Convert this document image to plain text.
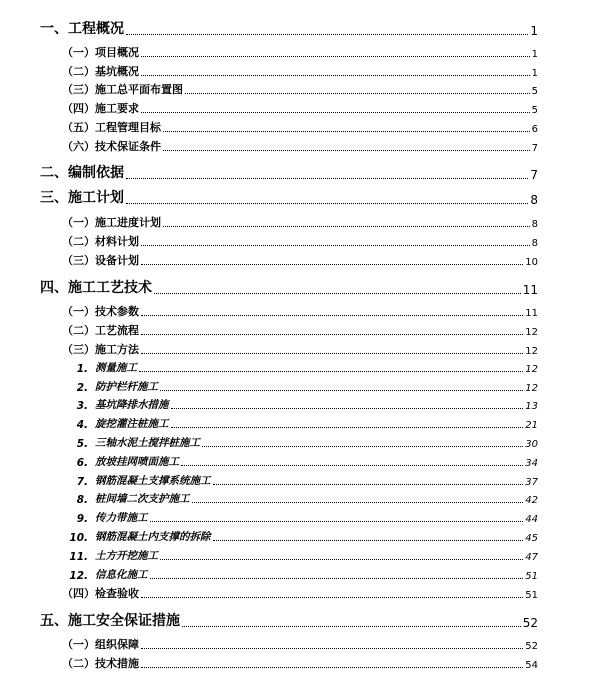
一、工程概况	1
（一）项目概况	1
（二）基坑概况	1
（三）施工总平面布置图	5
（四）施工要求	5
（五）工程管理目标	6
（六）技术保证条件	7
二、编制依据	7
三、施工计划	8
（一）施工进度计划	8
（二）材料计划	8
（三）设备计划	10
四、施工工艺技术	11
（一）技术参数	11
（二）工艺流程	12
（三）施工方法	12
1. 测量施工	12
2. 防护栏杆施工	12
3. 基坑降排水措施	13
4. 旋挖灌注桩施工	21
5. 三轴水泥土搅拌桩施工	30
6. 放坡挂网喷面施工	34
7. 钢筋混凝土支撑系统施工	37
8. 桩间墙二次支护施工	42
9. 传力带施工	44
10. 钢筋混凝土内支撑的拆除	45
11. 土方开挖施工	47
12. 信息化施工	51
（四）检查验收	51
五、施工安全保证措施	52
（一）组织保障	52
（二）技术措施	54
